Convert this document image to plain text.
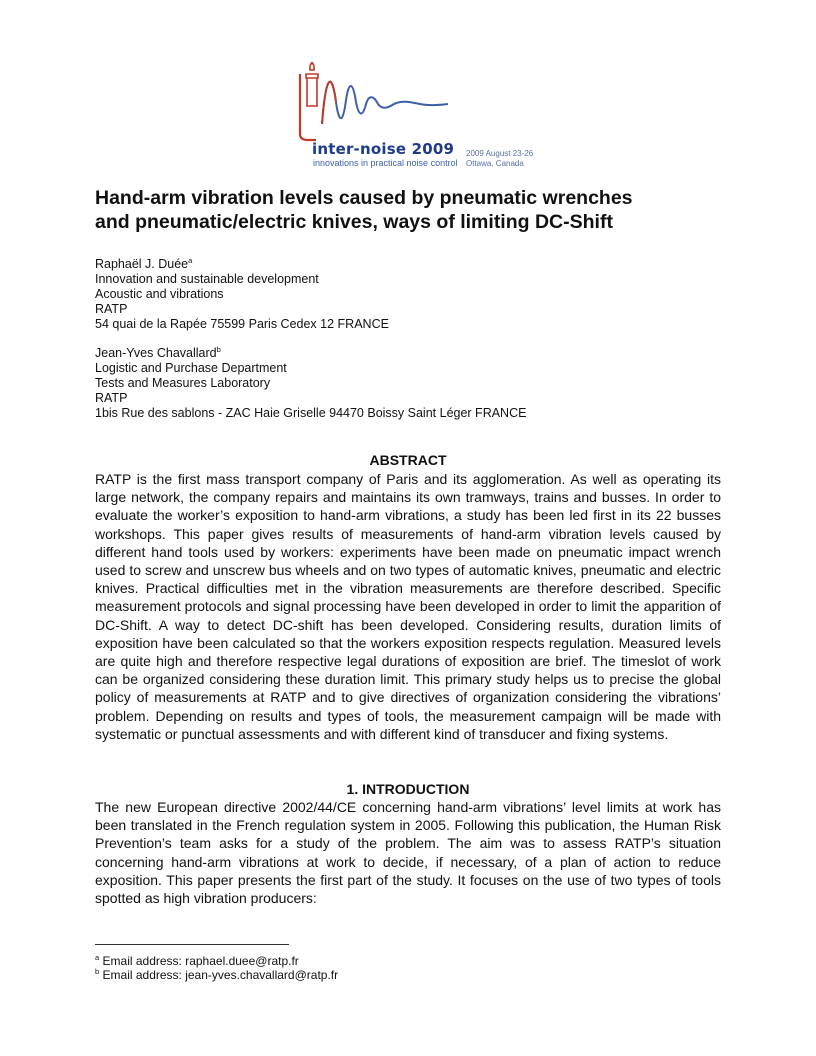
inter-noise 2009
innovations in practical noise control
2009 August 23-26
Ottawa, Canada
Hand-arm vibration levels caused by pneumatic wrenches
and pneumatic/electric knives, ways of limiting DC-Shift
Raphaël J. Duée$^a$
Innovation and sustainable development
Acoustic and vibrations
RATP
54 quai de la Rapée 75599 Paris Cedex 12 FRANCE
Jean-Yves Chavallard$^b$
Logistic and Purchase Department
Tests and Measures Laboratory
RATP
1bis Rue des sablons - ZAC Haie Griselle 94470 Boissy Saint Léger FRANCE
ABSTRACT

RATP is the first mass transport company of Paris and its agglomeration. As well as operating its large network, the company repairs and maintains its own tramways, trains and busses. In order to evaluate the worker’s exposition to hand-arm vibrations, a study has been led first in its 22 busses workshops. This paper gives results of measurements of hand-arm vibration levels caused by different hand tools used by workers: experiments have been made on pneumatic impact wrench used to screw and unscrew bus wheels and on two types of automatic knives, pneumatic and electric knives. Practical difficulties met in the vibration measurements are therefore described. Specific measurement protocols and signal processing have been developed in order to limit the apparition of DC-Shift. A way to detect DC-shift has been developed. Considering results, duration limits of exposition have been calculated so that the workers exposition respects regulation. Measured levels are quite high and therefore respective legal durations of exposition are brief. The timeslot of work can be organized considering these duration limit. This primary study helps us to precise the global policy of measurements at RATP and to give directives of organization considering the vibrations’ problem. Depending on results and types of tools, the measurement campaign will be made with systematic or punctual assessments and with different kind of transducer and fixing systems.

1. INTRODUCTION

The new European directive 2002/44/CE concerning hand-arm vibrations’ level limits at work has been translated in the French regulation system in 2005. Following this publication, the Human Risk Prevention’s team asks for a study of the problem. The aim was to assess RATP’s situation concerning hand-arm vibrations at work to decide, if necessary, of a plan of action to reduce exposition. This paper presents the first part of the study. It focuses on the use of two types of tools spotted as high vibration producers:

$^a$ Email address: raphael.duee@ratp.fr
$^b$ Email address: jean-yves.chavallard@ratp.fr
